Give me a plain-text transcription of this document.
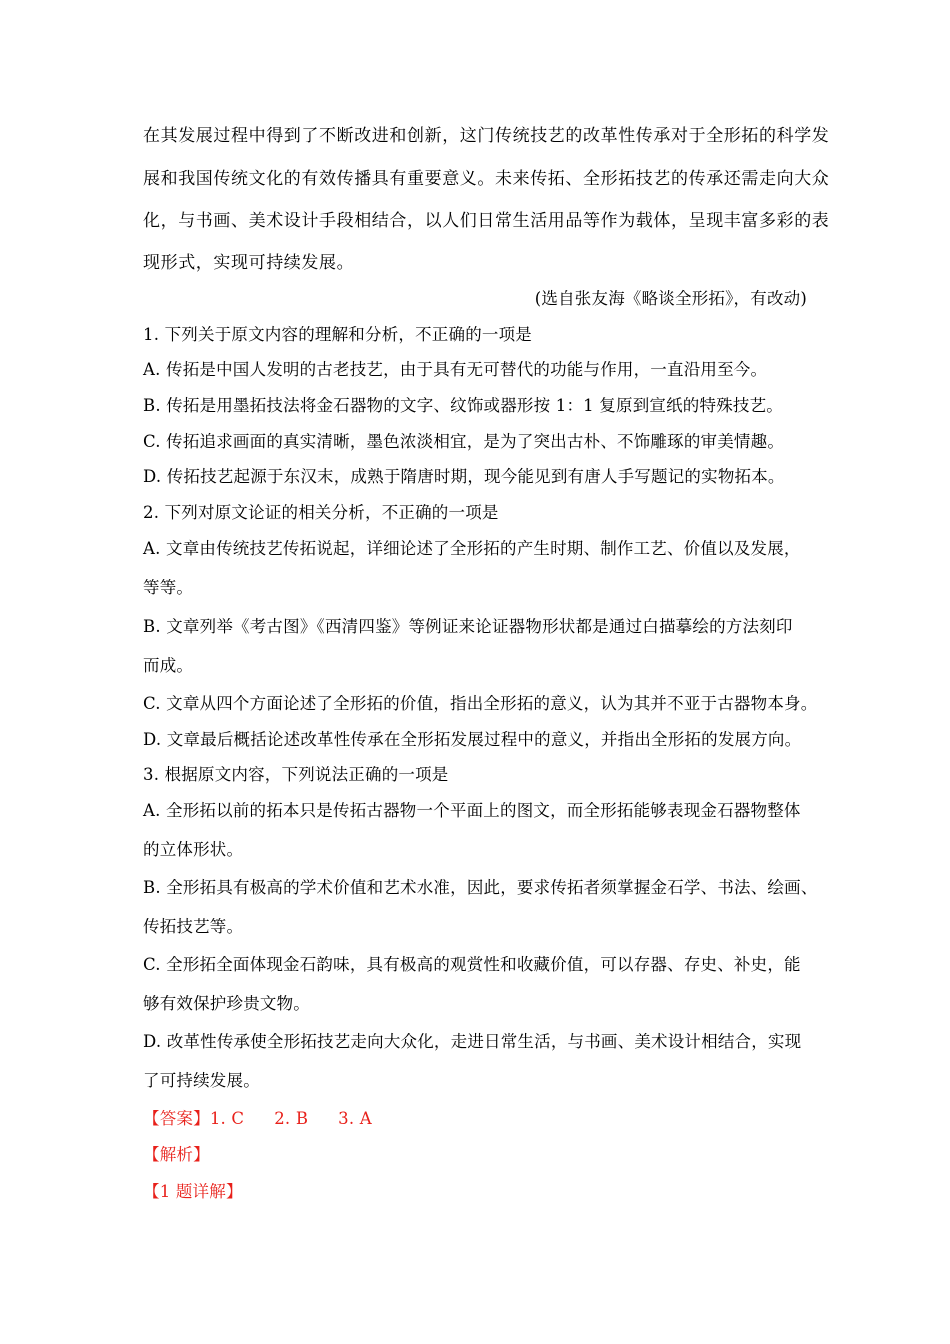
在其发展过程中得到了不断改进和创新，这门传统技艺的改革性传承对于全形拓的科学发
展和我国传统文化的有效传播具有重要意义。未来传拓、全形拓技艺的传承还需走向大众
化，与书画、美术设计手段相结合，以人们日常生活用品等作为载体，呈现丰富多彩的表
现形式，实现可持续发展。
(选自张友海《略谈全形拓》，有改动)
1. 下列关于原文内容的理解和分析，不正确的一项是
A. 传拓是中国人发明的古老技艺，由于具有无可替代的功能与作用，一直沿用至今。
B. 传拓是用墨拓技法将金石器物的文字、纹饰或器形按 1：1 复原到宣纸的特殊技艺。
C. 传拓追求画面的真实清晰，墨色浓淡相宜，是为了突出古朴、不饰雕琢的审美情趣。
D. 传拓技艺起源于东汉末，成熟于隋唐时期，现今能见到有唐人手写题记的实物拓本。
2. 下列对原文论证的相关分析，不正确的一项是
A. 文章由传统技艺传拓说起，详细论述了全形拓的产生时期、制作工艺、价值以及发展，
等等。
B. 文章列举《考古图》《西清四鉴》等例证来论证器物形状都是通过白描摹绘的方法刻印
而成。
C. 文章从四个方面论述了全形拓的价值，指出全形拓的意义，认为其并不亚于古器物本身。
D. 文章最后概括论述改革性传承在全形拓发展过程中的意义，并指出全形拓的发展方向。
3. 根据原文内容，下列说法正确的一项是
A. 全形拓以前的拓本只是传拓古器物一个平面上的图文，而全形拓能够表现金石器物整体
的立体形状。
B. 全形拓具有极高的学术价值和艺术水准，因此，要求传拓者须掌握金石学、书法、绘画、
传拓技艺等。
C. 全形拓全面体现金石韵味，具有极高的观赏性和收藏价值，可以存器、存史、补史，能
够有效保护珍贵文物。
D. 改革性传承使全形拓技艺走向大众化，走进日常生活，与书画、美术设计相结合，实现
了可持续发展。
【答案】1. C 2. B 3. A
【解析】
【1 题详解】
